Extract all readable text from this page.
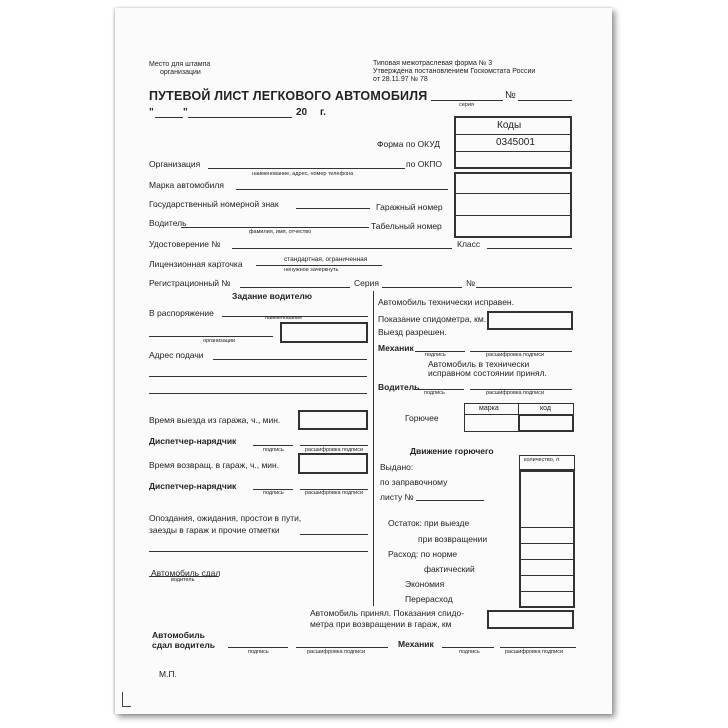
Место для штампа
организации
Типовая межотраслевая форма № 3
Утверждена постановлением Госкомстата России
от 28.11.97 № 78
ПУТЕВОЙ ЛИСТ ЛЕГКОВОГО АВТОМОБИЛЯ	№
серия
"	"	20 г.
Коды
Форма по ОКУД	0345001
по ОКПО
Организация
наименование, адрес, номер телефона
Марка автомобиля
Государственный номерной знак	Гаражный номер
Водитель
фамилия, имя, отчество
Табельный номер
Удостоверение №	Класс
Лицензионная карточка	стандартная, ограниченная
ненужное зачеркнуть
Регистрационный №	Серия	№
Задание водителю
В распоряжение	наименование
организации
Адрес подачи
Время выезда из гаража, ч., мин.
Диспетчер-нарядчик
подпись	расшифровка подписи
Время возвращ. в гараж, ч., мин.
Диспетчер-нарядчик
подпись	расшифровка подписи
Опоздания, ожидания, простои в пути,
заезды в гараж и прочие отметки
Автомобиль сдал
водитель
Автомобиль технически исправен.
Показание спидометра, км.
Выезд разрешен.
Механик
подпись	расшифровка подписи
Автомобиль в технически
исправном состоянии принял.
Водитель
подпись	расшифровка подписи
Горючее
марка	код
Движение горючего
количество, л
Выдано:
по заправочному
листу №
Остаток: при выезде
при возвращении
Расход: по норме
фактический
Экономия
Перерасход
Автомобиль принял. Показания спидо-
метра при возвращении в гараж, км
Автомобиль
сдал водитель
подпись	расшифровка подписи
Механик
подпись	расшифровка подписи
М.П.
